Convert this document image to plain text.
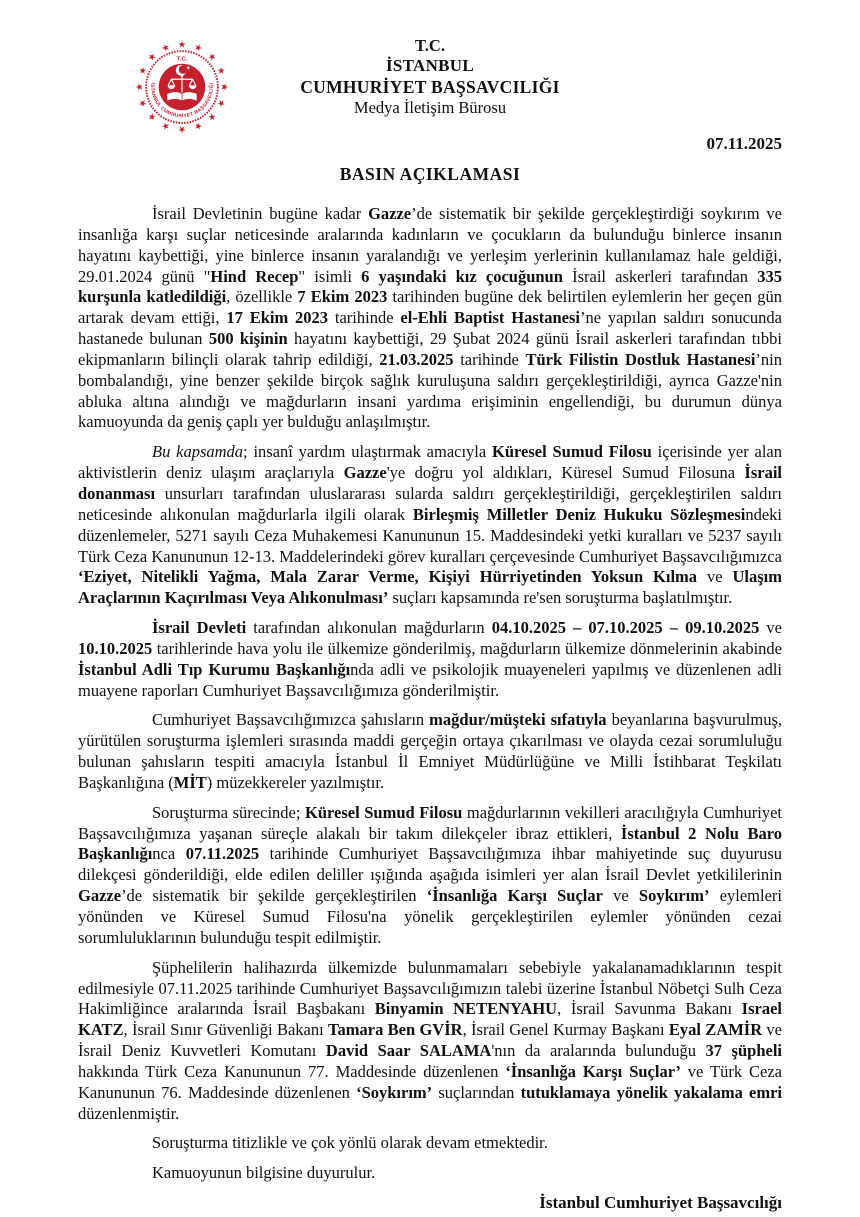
T.C.
İSTANBUL CUMHURİYET BAŞSAVCILIĞI
T.C.
İSTANBUL
CUMHURİYET BAŞSAVCILIĞI
Medya İletişim Bürosu
07.11.2025
BASIN AÇIKLAMASI

İsrail Devletinin bugüne kadar Gazze’de sistematik bir şekilde gerçekleştirdiği soykırım ve insanlığa karşı suçlar neticesinde aralarında kadınların ve çocukların da bulunduğu binlerce insanın hayatını kaybettiği, yine binlerce insanın yaralandığı ve yerleşim yerlerinin kullanılamaz hale geldiği, 29.01.2024 günü "Hind Recep" isimli 6 yaşındaki kız çocuğunun İsrail askerleri tarafından 335 kurşunla katledildiği, özellikle 7 Ekim 2023 tarihinden bugüne dek belirtilen eylemlerin her geçen gün artarak devam ettiği, 17 Ekim 2023 tarihinde el-Ehli Baptist Hastanesi’ne yapılan saldırı sonucunda hastanede bulunan 500 kişinin hayatını kaybettiği, 29 Şubat 2024 günü İsrail askerleri tarafından tıbbi ekipmanların bilinçli olarak tahrip edildiği, 21.03.2025 tarihinde Türk Filistin Dostluk Hastanesi’nin bombalandığı, yine benzer şekilde birçok sağlık kuruluşuna saldırı gerçekleştirildiği, ayrıca Gazze'nin abluka altına alındığı ve mağdurların insani yardıma erişiminin engellendiği, bu durumun dünya kamuoyunda da geniş çaplı yer bulduğu anlaşılmıştır.

Bu kapsamda; insanî yardım ulaştırmak amacıyla Küresel Sumud Filosu içerisinde yer alan aktivistlerin deniz ulaşım araçlarıyla Gazze'ye doğru yol aldıkları, Küresel Sumud Filosuna İsrail donanması unsurları tarafından uluslararası sularda saldırı gerçekleştirildiği, gerçekleştirilen saldırı neticesinde alıkonulan mağdurlarla ilgili olarak Birleşmiş Milletler Deniz Hukuku Sözleşmesindeki düzenlemeler, 5271 sayılı Ceza Muhakemesi Kanununun 15. Maddesindeki yetki kuralları ve 5237 sayılı Türk Ceza Kanununun 12-13. Maddelerindeki görev kuralları çerçevesinde Cumhuriyet Başsavcılığımızca ‘Eziyet, Nitelikli Yağma, Mala Zarar Verme, Kişiyi Hürriyetinden Yoksun Kılma ve Ulaşım Araçlarının Kaçırılması Veya Alıkonulması’ suçları kapsamında re'sen soruşturma başlatılmıştır.

İsrail Devleti tarafından alıkonulan mağdurların 04.10.2025 – 07.10.2025 – 09.10.2025 ve 10.10.2025 tarihlerinde hava yolu ile ülkemize gönderilmiş, mağdurların ülkemize dönmelerinin akabinde İstanbul Adli Tıp Kurumu Başkanlığında adli ve psikolojik muayeneleri yapılmış ve düzenlenen adli muayene raporları Cumhuriyet Başsavcılığımıza gönderilmiştir.

Cumhuriyet Başsavcılığımızca şahısların mağdur/müşteki sıfatıyla beyanlarına başvurulmuş, yürütülen soruşturma işlemleri sırasında maddi gerçeğin ortaya çıkarılması ve olayda cezai sorumluluğu bulunan şahısların tespiti amacıyla İstanbul İl Emniyet Müdürlüğüne ve Milli İstihbarat Teşkilatı Başkanlığına (MİT) müzekkereler yazılmıştır.

Soruşturma sürecinde; Küresel Sumud Filosu mağdurlarının vekilleri aracılığıyla Cumhuriyet Başsavcılığımıza yaşanan süreçle alakalı bir takım dilekçeler ibraz ettikleri, İstanbul 2 Nolu Baro Başkanlığınca 07.11.2025 tarihinde Cumhuriyet Başsavcılığımıza ihbar mahiyetinde suç duyurusu dilekçesi gönderildiği, elde edilen deliller ışığında aşağıda isimleri yer alan İsrail Devlet yetkililerinin Gazze’de sistematik bir şekilde gerçekleştirilen ‘İnsanlığa Karşı Suçlar ve Soykırım’ eylemleri yönünden ve Küresel Sumud Filosu'na yönelik gerçekleştirilen eylemler yönünden cezai sorumluluklarının bulunduğu tespit edilmiştir.

Şüphelilerin halihazırda ülkemizde bulunmamaları sebebiyle yakalanamadıklarının tespit edilmesiyle 07.11.2025 tarihinde Cumhuriyet Başsavcılığımızın talebi üzerine İstanbul Nöbetçi Sulh Ceza Hakimliğince aralarında İsrail Başbakanı Binyamin NETENYAHU, İsrail Savunma Bakanı Israel KATZ, İsrail Sınır Güvenliği Bakanı Tamara Ben GVİR, İsrail Genel Kurmay Başkanı Eyal ZAMİR ve İsrail Deniz Kuvvetleri Komutanı David Saar SALAMA'nın da aralarında bulunduğu 37 şüpheli hakkında Türk Ceza Kanununun 77. Maddesinde düzenlenen ‘İnsanlığa Karşı Suçlar’ ve Türk Ceza Kanununun 76. Maddesinde düzenlenen ‘Soykırım’ suçlarından tutuklamaya yönelik yakalama emri düzenlenmiştir.

Soruşturma titizlikle ve çok yönlü olarak devam etmektedir.

Kamuoyunun bilgisine duyurulur.

İstanbul Cumhuriyet Başsavcılığı
